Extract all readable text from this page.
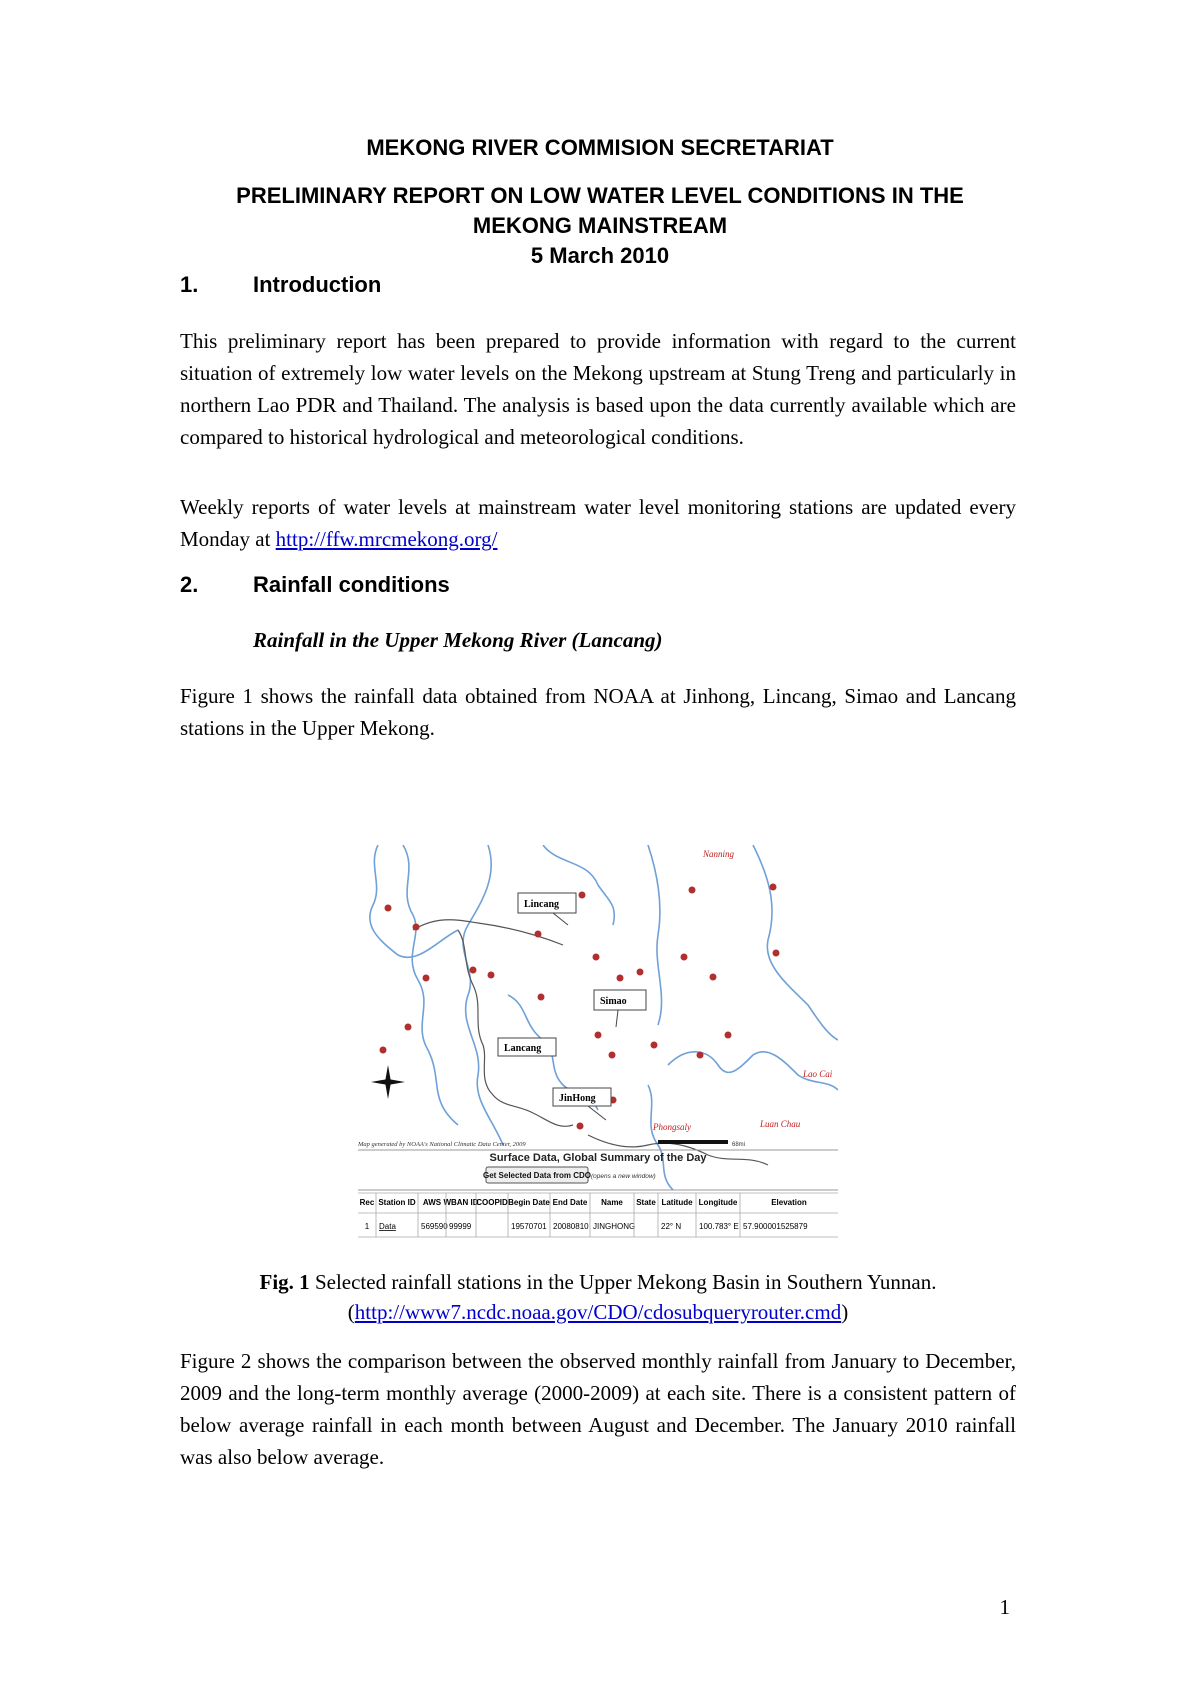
MEKONG RIVER COMMISION SECRETARIAT
PRELIMINARY REPORT ON LOW WATER LEVEL CONDITIONS IN THE
MEKONG MAINSTREAM
5 March 2010
1. Introduction
This preliminary report has been prepared to provide information with regard to the current situation of extremely low water levels on the Mekong upstream at Stung Treng and particularly in northern Lao PDR and Thailand. The analysis is based upon the data currently available which are compared to historical hydrological and meteorological conditions.
Weekly reports of water levels at mainstream water level monitoring stations are updated every Monday at http://ffw.mrcmekong.org/
2. Rainfall conditions
Rainfall in the Upper Mekong River (Lancang)
Figure 1 shows the rainfall data obtained from NOAA at Jinhong, Lincang, Simao and Lancang stations in the Upper Mekong.
Lincang
Simao
Lancang
JinHong
Nanning
Lao Cai
Phongsaly	Luan Chau
Map generated by NOAA's National Climatic Data Center, 2009	68mi
Surface Data, Global Summary of the Day
Get Selected Data from CDO (opens a new window)
Rec
1
Station ID
Data
AWS
569590
WBAN ID
99999
COOPID Begin Date
19570701
End Date
20080810
Name
JINGHONG
State Latitude
22° N
Longitude
100.783° E
Elevation
57.900001525879
Fig. 1 Selected rainfall stations in the Upper Mekong Basin in Southern Yunnan.(http://www7.ncdc.noaa.gov/CDO/cdosubqueryrouter.cmd)
Figure 2 shows the comparison between the observed monthly rainfall from January to December, 2009 and the long-term monthly average (2000-2009) at each site. There is a consistent pattern of below average rainfall in each month between August and December. The January 2010 rainfall was also below average.
1
